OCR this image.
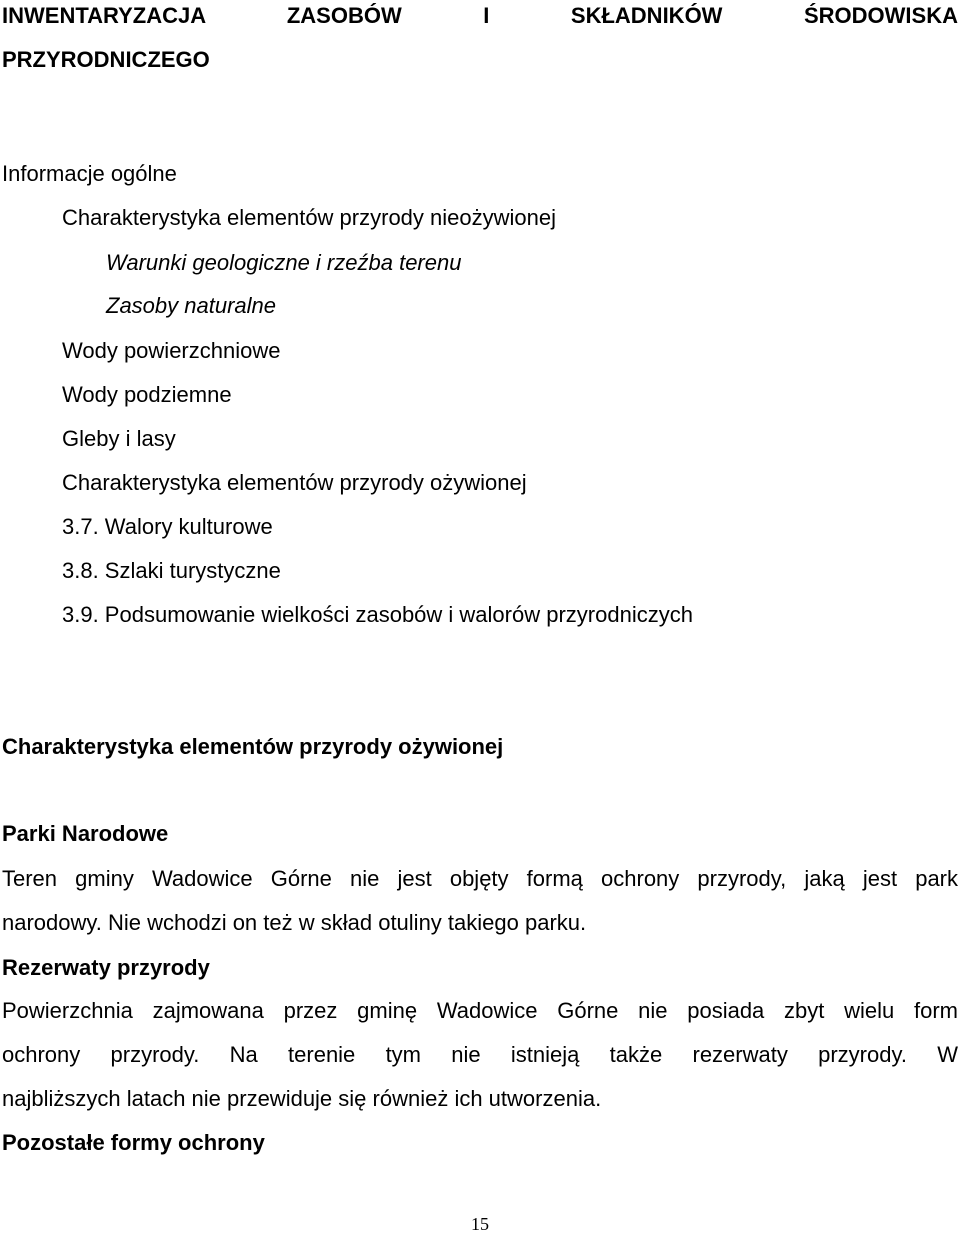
INWENTARYZACJA	ZASOBÓW	I	SKŁADNIKÓW	ŚRODOWISKA
PRZYRODNICZEGO
Informacje ogólne
Charakterystyka elementów przyrody nieożywionej
Warunki geologiczne i rzeźba terenu
Zasoby naturalne
Wody powierzchniowe
Wody podziemne
Gleby i lasy
Charakterystyka elementów przyrody ożywionej
3.7. Walory kulturowe
3.8. Szlaki turystyczne
3.9. Podsumowanie wielkości zasobów i walorów przyrodniczych
Charakterystyka elementów przyrody ożywionej
Parki Narodowe
Teren gminy Wadowice Górne nie jest objęty formą ochrony przyrody, jaką jest park
narodowy. Nie wchodzi on też w skład otuliny takiego parku.
Rezerwaty przyrody
Powierzchnia zajmowana przez gminę Wadowice Górne nie posiada zbyt wielu form
ochrony przyrody. Na terenie tym nie istnieją także rezerwaty przyrody. W
najbliższych latach nie przewiduje się również ich utworzenia.
Pozostałe formy ochrony
15
